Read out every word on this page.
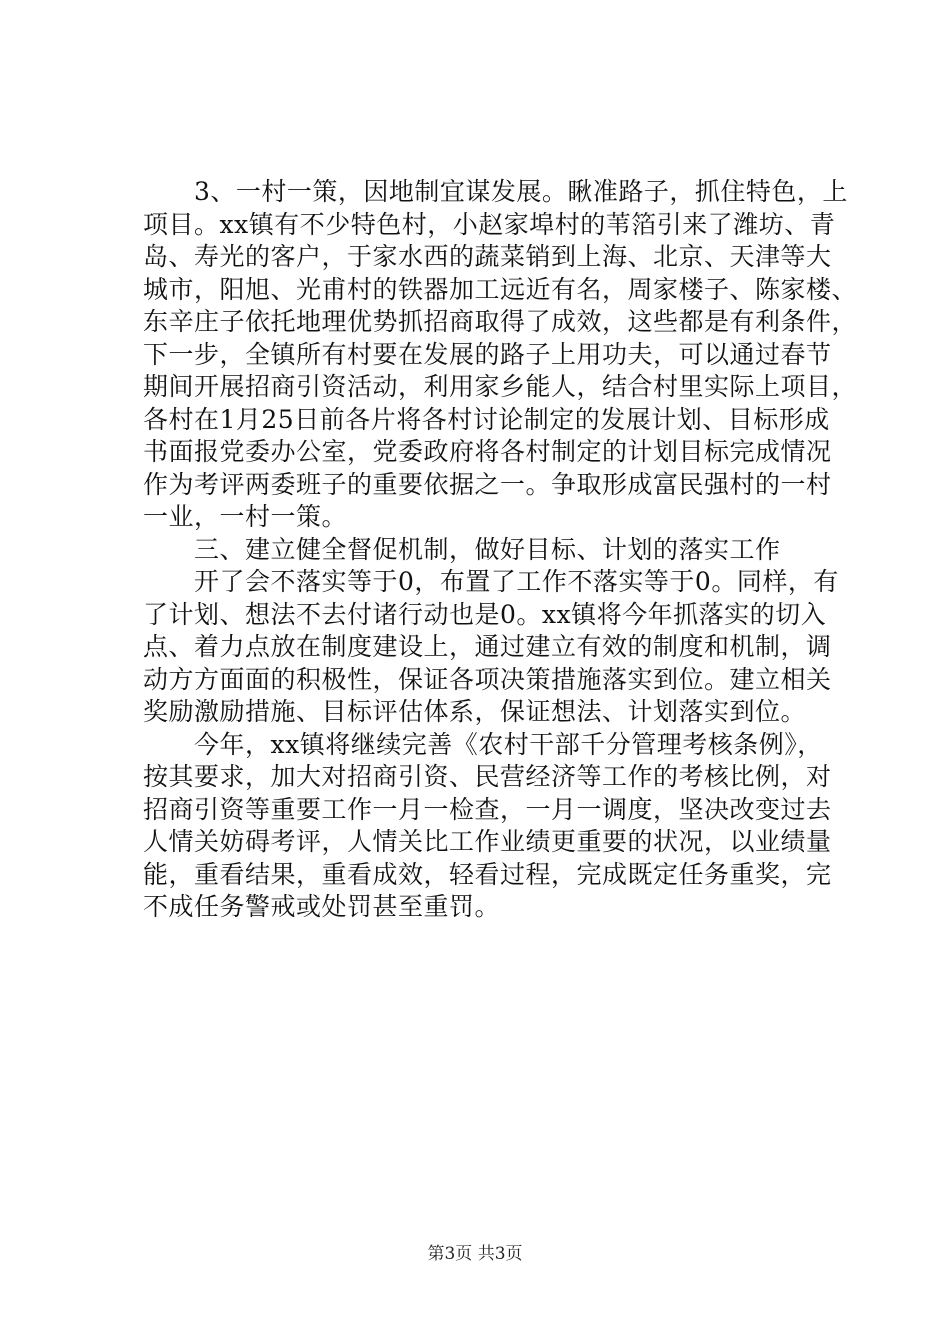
　　3、一村一策，因地制宜谋发展。瞅准路子，抓住特色，上
项目。xx镇有不少特色村，小赵家埠村的苇箔引来了潍坊、青
岛、寿光的客户，于家水西的蔬菜销到上海、北京、天津等大
城市，阳旭、光甫村的铁器加工远近有名，周家楼子、陈家楼、
东辛庄子依托地理优势抓招商取得了成效，这些都是有利条件，
下一步，全镇所有村要在发展的路子上用功夫，可以通过春节
期间开展招商引资活动，利用家乡能人，结合村里实际上项目，
各村在1月25日前各片将各村讨论制定的发展计划、目标形成
书面报党委办公室，党委政府将各村制定的计划目标完成情况
作为考评两委班子的重要依据之一。争取形成富民强村的一村
一业，一村一策。
　　三、建立健全督促机制，做好目标、计划的落实工作
　　开了会不落实等于0，布置了工作不落实等于0。同样，有
了计划、想法不去付诸行动也是0。xx镇将今年抓落实的切入
点、着力点放在制度建设上，通过建立有效的制度和机制，调
动方方面面的积极性，保证各项决策措施落实到位。建立相关
奖励激励措施、目标评估体系，保证想法、计划落实到位。
　　今年，xx镇将继续完善《农村干部千分管理考核条例》，
按其要求，加大对招商引资、民营经济等工作的考核比例，对
招商引资等重要工作一月一检查，一月一调度，坚决改变过去
人情关妨碍考评，人情关比工作业绩更重要的状况，以业绩量
能，重看结果，重看成效，轻看过程，完成既定任务重奖，完
不成任务警戒或处罚甚至重罚。
第3页 共3页
